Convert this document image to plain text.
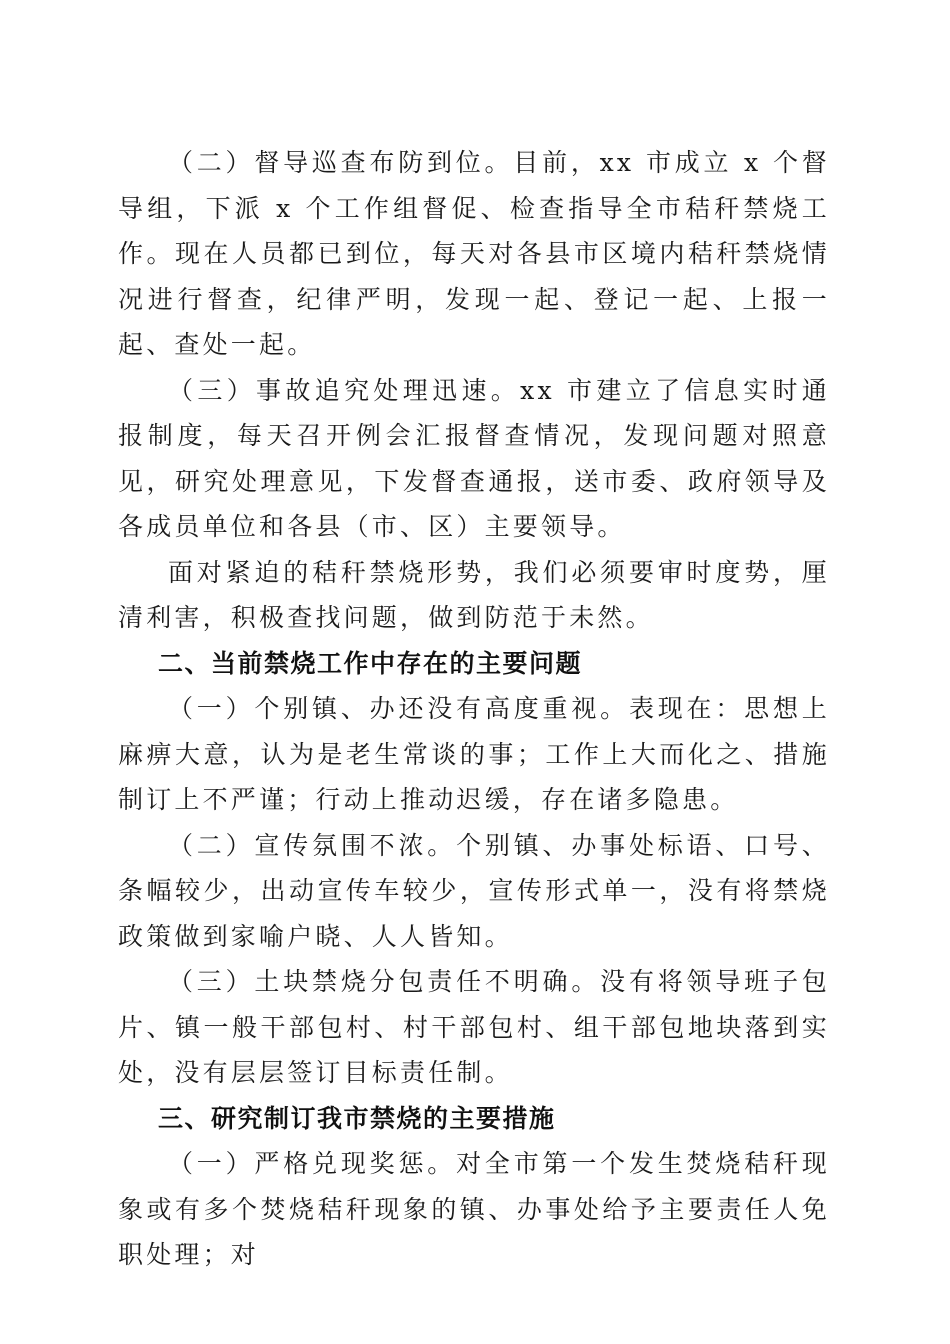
（二）督导巡查布防到位。目前，xx 市成立 x 个督导组，下派 x 个工作组督促、检查指导全市秸秆禁烧工作。现在人员都已到位，每天对各县市区境内秸秆禁烧情况进行督查，纪律严明，发现一起、登记一起、上报一起、查处一起。

（三）事故追究处理迅速。xx 市建立了信息实时通报制度，每天召开例会汇报督查情况，发现问题对照意见，研究处理意见，下发督查通报，送市委、政府领导及各成员单位和各县（市、区）主要领导。

面对紧迫的秸秆禁烧形势，我们必须要审时度势，厘清利害，积极查找问题，做到防范于未然。

二、当前禁烧工作中存在的主要问题

（一）个别镇、办还没有高度重视。表现在：思想上麻痹大意，认为是老生常谈的事；工作上大而化之、措施制订上不严谨；行动上推动迟缓，存在诸多隐患。

（二）宣传氛围不浓。个别镇、办事处标语、口号、条幅较少，出动宣传车较少，宣传形式单一，没有将禁烧政策做到家喻户晓、人人皆知。

（三）土块禁烧分包责任不明确。没有将领导班子包片、镇一般干部包村、村干部包村、组干部包地块落到实处，没有层层签订目标责任制。

三、研究制订我市禁烧的主要措施

（一）严格兑现奖惩。对全市第一个发生焚烧秸秆现象或有多个焚烧秸秆现象的镇、办事处给予主要责任人免职处理；对
